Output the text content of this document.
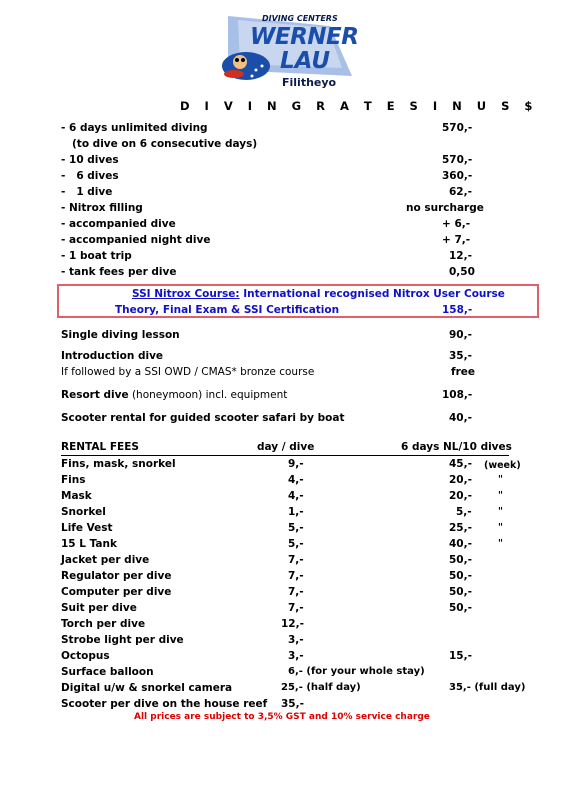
DIVING CENTERS
WERNER
LAU
Filitheyo
D I V I N G R A T E S I N U S $
- 6 days unlimited diving	570,-
(to dive on 6 consecutive days)
- 10 dives	570,-
-   6 dives	360,-
-   1 dive	62,-
- Nitrox filling	no surcharge
- accompanied dive	+ 6,-
- accompanied night dive	+ 7,-
- 1 boat trip	12,-
- tank fees per dive	0,50
SSI Nitrox Course: International recognised Nitrox User Course
Theory, Final Exam & SSI Certification	158,-
Single diving lesson	90,-
Introduction dive	35,-
If followed by a SSI OWD / CMAS* bronze course	free
Resort dive (honeymoon) incl. equipment	108,-
Scooter rental for guided scooter safari by boat	40,-
RENTAL FEES	day / dive	6 days NL/10 dives
Fins, mask, snorkel	9,-	45,- (week)
Fins	4,-	20,-	"
Mask	4,-	20,-	"
Snorkel	1,-	5,-	"
Life Vest	5,-	25,-	"
15 L Tank	5,-	40,-	"
Jacket per dive	7,-	50,-
Regulator per dive	7,-	50,-
Computer per dive	7,-	50,-
Suit per dive	7,-	50,-
Torch per dive	12,-
Strobe light per dive	3,-
Octopus	3,-	15,-
Surface balloon	6,- (for your whole stay)
Digital u/w & snorkel camera	25,- (half day)	35,- (full day)
Scooter per dive on the house reef 35,-
All prices are subject to 3,5% GST and 10% service charge
